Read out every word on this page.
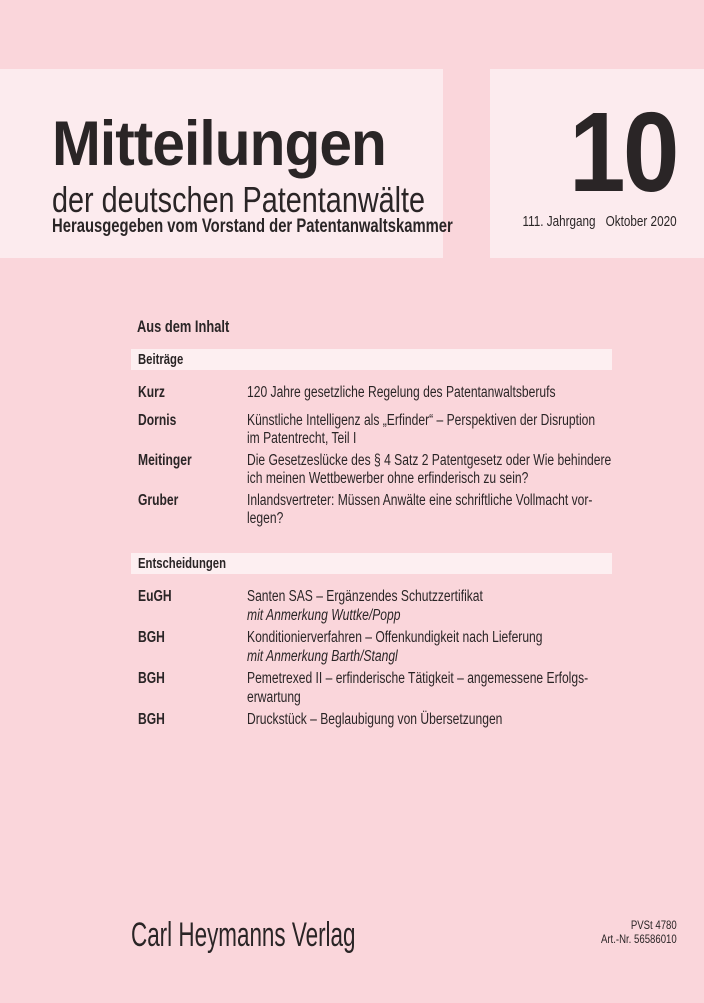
Mitteilungen
der deutschen Patentanwälte
Herausgegeben vom Vorstand der Patentanwaltskammer
10
111. Jahrgang Oktober 2020
Aus dem Inhalt
Beiträge
Kurz	120 Jahre gesetzliche Regelung des Patentanwaltsberufs
Dornis	Künstliche Intelligenz als „Erfinder“ – Perspektiven der Disruption
im Patentrecht, Teil I
Meitinger	Die Gesetzeslücke des § 4 Satz 2 Patentgesetz oder Wie behindere
ich meinen Wettbewerber ohne erfinderisch zu sein?
Gruber	Inlandsvertreter: Müssen Anwälte eine schriftliche Vollmacht vor-
legen?
Entscheidungen
EuGH	Santen SAS – Ergänzendes Schutzzertifikat
mit Anmerkung Wuttke/Popp
BGH	Konditionierverfahren – Offenkundigkeit nach Lieferung
mit Anmerkung Barth/Stangl
BGH	Pemetrexed II – erfinderische Tätigkeit – angemessene Erfolgs-
erwartung
BGH	Druckstück – Beglaubigung von Übersetzungen
Carl Heymanns Verlag	PVSt 4780
Art.-Nr. 56586010
